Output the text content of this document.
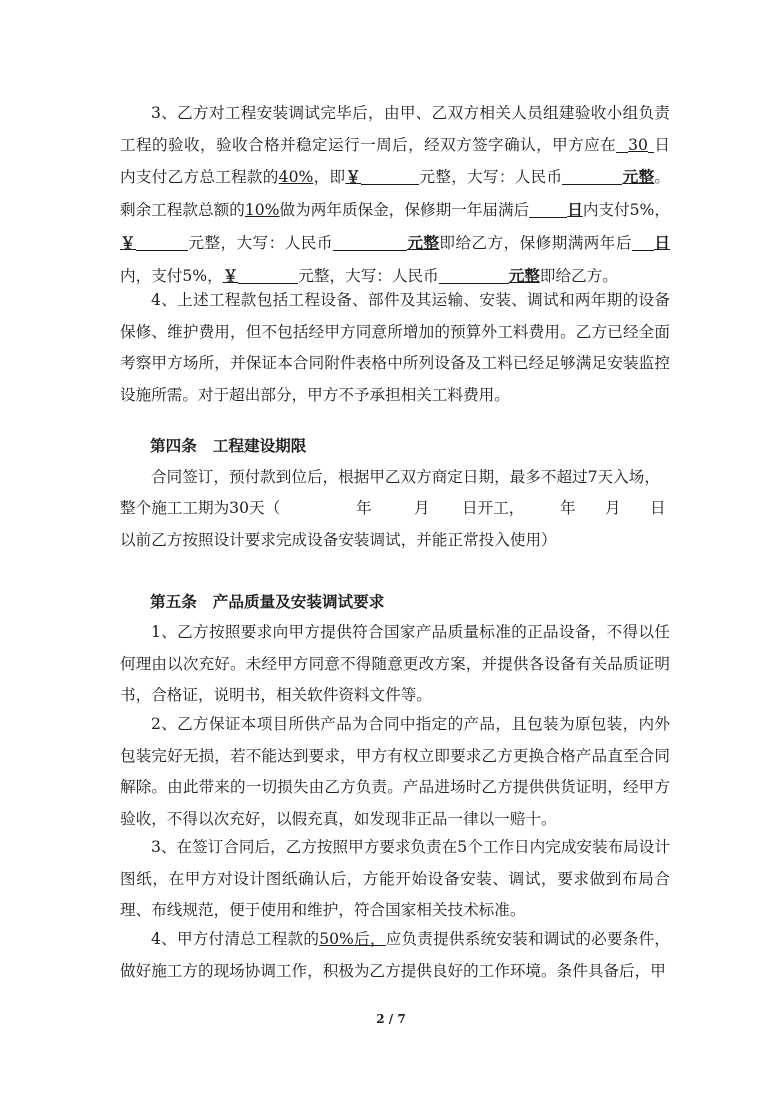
3、乙方对工程安装调试完毕后，由甲、乙双方相关人员组建验收小组负责工程的验收，验收合格并稳定运行一周后，经双方签字确认，甲方应在 30 日内支付乙方总工程款的40%，即￥	元整，大写：人民币	元整。剩余工程款总额的10%做为两年质保金，保修期一年届满后 日内支付5%，￥	元整，大写：人民币	元整即给乙方，保修期满两年后 日内，支付5%，￥	元整，大写：人民币	元整即给乙方。
4、上述工程款包括工程设备、部件及其运输、安装、调试和两年期的设备保修、维护费用，但不包括经甲方同意所增加的预算外工料费用。乙方已经全面考察甲方场所，并保证本合同附件表格中所列设备及工料已经足够满足安装监控设施所需。对于超出部分，甲方不予承担相关工料费用。
第四条 工程建设期限
合同签订，预付款到位后，根据甲乙双方商定日期，最多不超过7天入场，
整个施工工期为30天（	年	月 日开工， 年 月 日
以前乙方按照设计要求完成设备安装调试，并能正常投入使用）
第五条 产品质量及安装调试要求
1、乙方按照要求向甲方提供符合国家产品质量标准的正品设备，不得以任何理由以次充好。未经甲方同意不得随意更改方案，并提供各设备有关品质证明书，合格证，说明书，相关软件资料文件等。
2、乙方保证本项目所供产品为合同中指定的产品，且包装为原包装，内外包装完好无损，若不能达到要求，甲方有权立即要求乙方更换合格产品直至合同解除。由此带来的一切损失由乙方负责。产品进场时乙方提供供货证明，经甲方验收，不得以次充好，以假充真，如发现非正品一律以一赔十。
3、在签订合同后，乙方按照甲方要求负责在5个工作日内完成安装布局设计图纸，在甲方对设计图纸确认后，方能开始设备安装、调试，要求做到布局合理、布线规范，便于使用和维护，符合国家相关技术标准。
4、甲方付清总工程款的50%后，应负责提供系统安装和调试的必要条件，做好施工方的现场协调工作，积极为乙方提供良好的工作环境。条件具备后，甲
2 / 7
